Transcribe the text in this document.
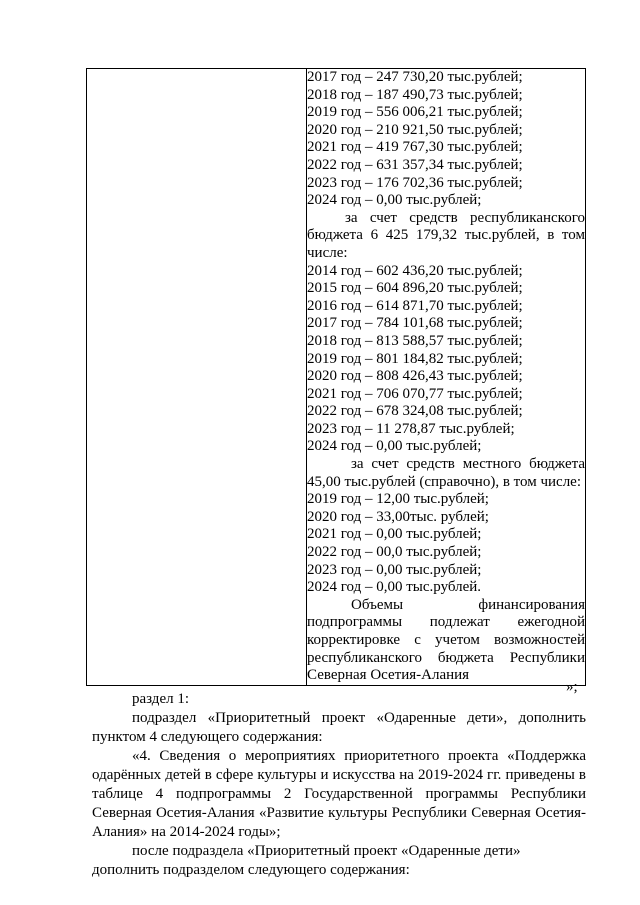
2017 год – 247 730,20 тыс.рублей;
2018 год – 187 490,73 тыс.рублей;
2019 год – 556 006,21 тыс.рублей;
2020 год – 210 921,50 тыс.рублей;
2021 год – 419 767,30 тыс.рублей;
2022 год – 631 357,34 тыс.рублей;
2023 год – 176 702,36 тыс.рублей;
2024 год – 0,00 тыс.рублей;
за счет средств республиканского бюджета 6 425 179,32 тыс.рублей, в том числе:
2014 год – 602 436,20 тыс.рублей;
2015 год – 604 896,20 тыс.рублей;
2016 год – 614 871,70 тыс.рублей;
2017 год – 784 101,68 тыс.рублей;
2018 год – 813 588,57 тыс.рублей;
2019 год – 801 184,82 тыс.рублей;
2020 год – 808 426,43 тыс.рублей;
2021 год – 706 070,77 тыс.рублей;
2022 год – 678 324,08 тыс.рублей;
2023 год – 11 278,87 тыс.рублей;
2024 год – 0,00 тыс.рублей;
за счет средств местного бюджета 45,00 тыс.рублей (справочно), в том числе:
2019 год – 12,00 тыс.рублей;
2020 год – 33,00тыс. рублей;
2021 год – 0,00 тыс.рублей;
2022 год – 00,0 тыс.рублей;
2023 год – 0,00 тыс.рублей;
2024 год – 0,00 тыс.рублей.
Объемы финансирования подпрограммы подлежат ежегодной корректировке с учетом возможностей республиканского бюджета Республики Северная Осетия-Алания
»;
раздел 1:
подраздел «Приоритетный проект «Одаренные дети», дополнить пунктом 4 следующего содержания:
«4. Сведения о мероприятиях приоритетного проекта «Поддержка одарённых детей в сфере культуры и искусства на 2019-2024 гг. приведены в таблице 4 подпрограммы 2 Государственной программы Республики Северная Осетия-Алания «Развитие культуры Республики Северная Осетия-Алания» на 2014-2024 годы»;
после подраздела «Приоритетный проект «Одаренные дети» дополнить подразделом следующего содержания:
